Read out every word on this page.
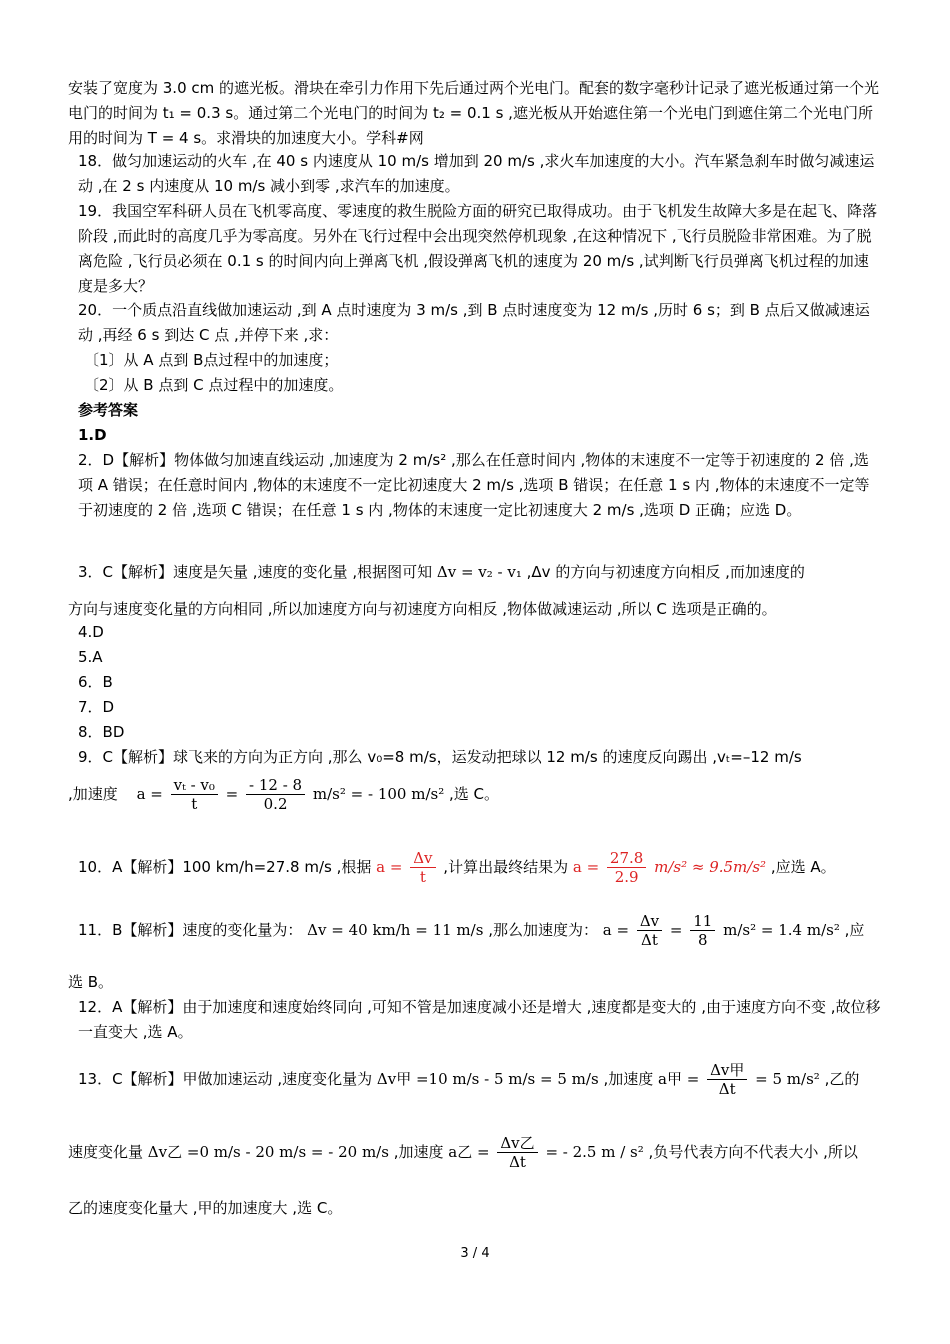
安装了宽度为 3.0 cm 的遮光板。滑块在牵引力作用下先后通过两个光电门。配套的数字毫秒计记录了遮光板通过第一个光电门的时间为 t₁ = 0.3 s。通过第二个光电门的时间为 t₂ = 0.1 s ,遮光板从开始遮住第一个光电门到遮住第二个光电门所用的时间为 T = 4 s。求滑块的加速度大小。学科#网

18．做匀加速运动的火车 ,在 40 s 内速度从 10 m/s 增加到 20 m/s ,求火车加速度的大小。汽车紧急刹车时做匀减速运动 ,在 2 s 内速度从 10 m/s 减小到零 ,求汽车的加速度。

19．我国空军科研人员在飞机零高度、零速度的救生脱险方面的研究已取得成功。由于飞机发生故障大多是在起飞、降落阶段 ,而此时的高度几乎为零高度。另外在飞行过程中会出现突然停机现象 ,在这种情况下 ,飞行员脱险非常困难。为了脱离危险 ,飞行员必须在 0.1 s 的时间内向上弹离飞机 ,假设弹离飞机的速度为 20 m/s ,试判断飞行员弹离飞机过程的加速度是多大？

20．一个质点沿直线做加速运动 ,到 A 点时速度为 3 m/s ,到 B 点时速度变为 12 m/s ,历时 6 s；到 B 点后又做减速运动 ,再经 6 s 到达 C 点 ,并停下来 ,求：

〔1〕从 A 点到 B点过程中的加速度；

〔2〕从 B 点到 C 点过程中的加速度。

参考答案

1.D

2．D【解析】物体做匀加速直线运动 ,加速度为 2 m/s² ,那么在任意时间内 ,物体的末速度不一定等于初速度的 2 倍 ,选项 A 错误；在任意时间内 ,物体的末速度不一定比初速度大 2 m/s ,选项 B 错误；在任意 1 s 内 ,物体的末速度不一定等于初速度的 2 倍 ,选项 C 错误；在任意 1 s 内 ,物体的末速度一定比初速度大 2 m/s ,选项 D 正确；应选 D。

3．C【解析】速度是矢量 ,速度的变化量 ,根据图可知 Δv = v₂ - v₁ ,Δv 的方向与初速度方向相反 ,而加速度的

方向与速度变化量的方向相同 ,所以加速度方向与初速度方向相反 ,物体做减速运动 ,所以 C 选项是正确的。

4.D

5.A

6．B

7．D

8．BD

9．C【解析】球飞来的方向为正方向 ,那么 v₀=8 m/s，运发动把球以 12 m/s 的速度反向踢出 ,vₜ=–12 m/s

,加速度 $a = \frac{\text{vₜ - v₀}}{t} = \frac{- 12 - 8}{0.2} m/s^2$ = - 100 m/s² ,选 C。

10．A【解析】100 km/h=27.8 m/s ,根据 $a = \frac{\Delta v}{t}$ ,计算出最终结果为 $a = \frac{27.8}{2.9} m/s^2 \approx 9.5m/s^2$ ,应选 A。

11．B【解析】速度的变化量为： Δv = 40 km/h = 11 m/s ,那么加速度为： $a = \frac{\Delta v}{\Delta t} = \frac{11}{8} m/s^2 = 1.4$ m/s² ,应

选 B。

12．A【解析】由于加速度和速度始终同向 ,可知不管是加速度减小还是增大 ,速度都是变大的 ,由于速度方向不变 ,故位移一直变大 ,选 A。

13．C【解析】甲做加速运动 ,速度变化量为 Δv甲 =10 m/s - 5 m/s = 5 m/s ,加速度 a甲 = $\frac{\text{Δv甲}}{\Delta t} = 5$ m/s² ,乙的

速度变化量 Δv乙 =0 m/s - 20 m/s = - 20 m/s ,加速度 a乙 = $\frac{\text{Δv乙}}{\Delta t}$ = - 2.5 m / s² ,负号代表方向不代表大小 ,所以

乙的速度变化量大 ,甲的加速度大 ,选 C。

3 / 4
